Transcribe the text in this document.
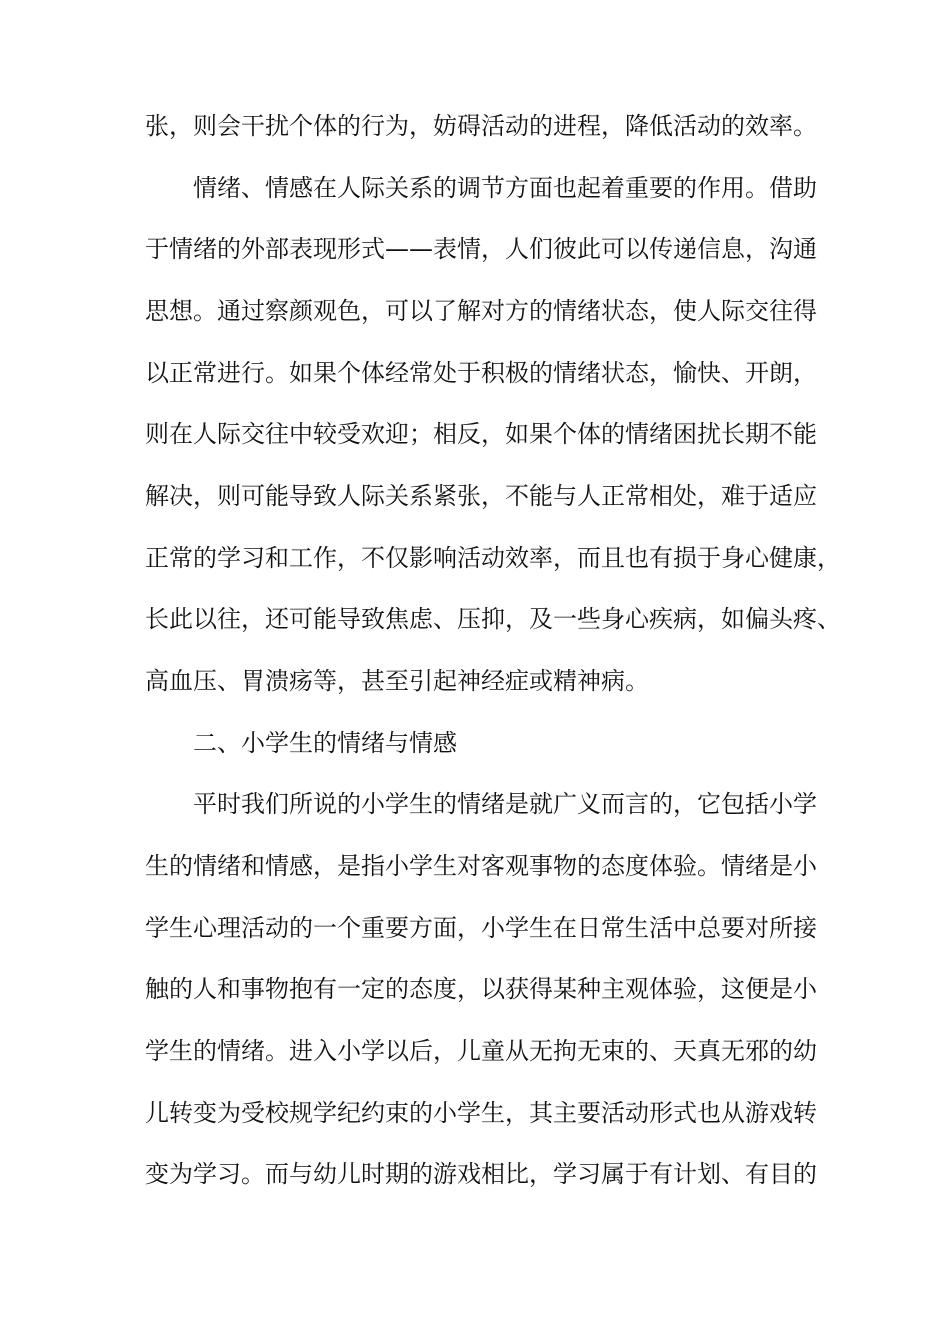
张，则会干扰个体的行为，妨碍活动的进程，降低活动的效率。
情绪、情感在人际关系的调节方面也起着重要的作用。借助
于情绪的外部表现形式——表情，人们彼此可以传递信息，沟通
思想。通过察颜观色，可以了解对方的情绪状态，使人际交往得
以正常进行。如果个体经常处于积极的情绪状态，愉快、开朗，
则在人际交往中较受欢迎；相反，如果个体的情绪困扰长期不能
解决，则可能导致人际关系紧张，不能与人正常相处，难于适应
正常的学习和工作，不仅影响活动效率，而且也有损于身心健康，
长此以往，还可能导致焦虑、压抑，及一些身心疾病，如偏头疼、
高血压、胃溃疡等，甚至引起神经症或精神病。
二、小学生的情绪与情感
平时我们所说的小学生的情绪是就广义而言的，它包括小学
生的情绪和情感，是指小学生对客观事物的态度体验。情绪是小
学生心理活动的一个重要方面，小学生在日常生活中总要对所接
触的人和事物抱有一定的态度，以获得某种主观体验，这便是小
学生的情绪。进入小学以后，儿童从无拘无束的、天真无邪的幼
儿转变为受校规学纪约束的小学生，其主要活动形式也从游戏转
变为学习。而与幼儿时期的游戏相比，学习属于有计划、有目的
